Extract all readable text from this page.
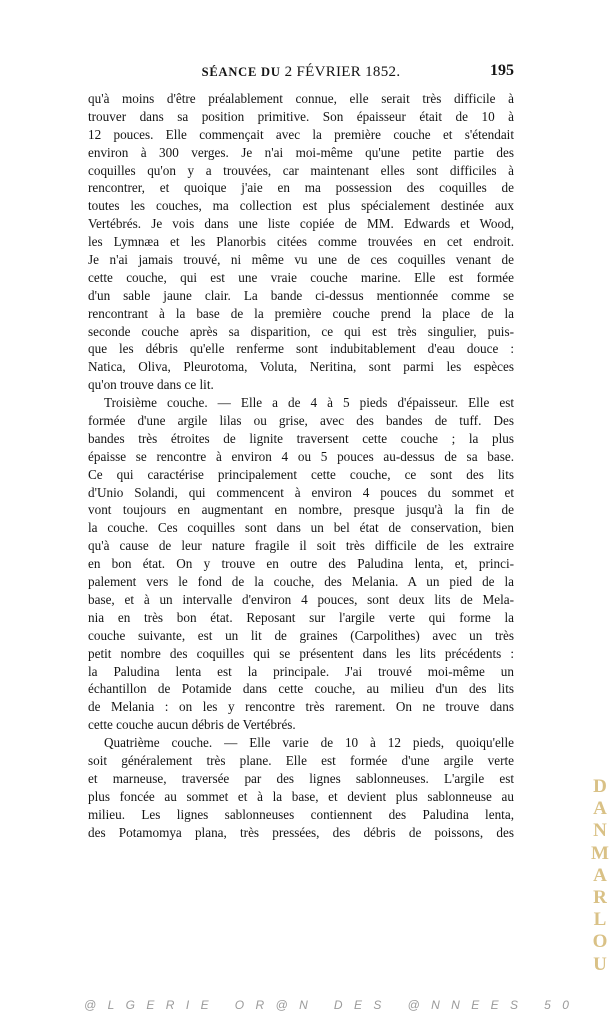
SÉANCE DU 2 FÉVRIER 1852.	195
qu'à moins d'être préalablement connue, elle serait très difficile à
trouver dans sa position primitive. Son épaisseur était de 10 à
12 pouces. Elle commençait avec la première couche et s'étendait
environ à 300 verges. Je n'ai moi-même qu'une petite partie des
coquilles qu'on y a trouvées, car maintenant elles sont difficiles à
rencontrer, et quoique j'aie en ma possession des coquilles de
toutes les couches, ma collection est plus spécialement destinée aux
Vertébrés. Je vois dans une liste copiée de MM. Edwards et Wood,
les Lymnæa et les Planorbis citées comme trouvées en cet endroit.
Je n'ai jamais trouvé, ni même vu une de ces coquilles venant de
cette couche, qui est une vraie couche marine. Elle est formée
d'un sable jaune clair. La bande ci-dessus mentionnée comme se
rencontrant à la base de la première couche prend la place de la
seconde couche après sa disparition, ce qui est très singulier, puis-
que les débris qu'elle renferme sont indubitablement d'eau douce :
Natica, Oliva, Pleurotoma, Voluta, Neritina, sont parmi les espèces
qu'on trouve dans ce lit.
Troisième couche. — Elle a de 4 à 5 pieds d'épaisseur. Elle est
formée d'une argile lilas ou grise, avec des bandes de tuff. Des
bandes très étroites de lignite traversent cette couche ; la plus
épaisse se rencontre à environ 4 ou 5 pouces au-dessus de sa base.
Ce qui caractérise principalement cette couche, ce sont des lits
d'Unio Solandi, qui commencent à environ 4 pouces du sommet et
vont toujours en augmentant en nombre, presque jusqu'à la fin de
la couche. Ces coquilles sont dans un bel état de conservation, bien
qu'à cause de leur nature fragile il soit très difficile de les extraire
en bon état. On y trouve en outre des Paludina lenta, et, princi-
palement vers le fond de la couche, des Melania. A un pied de la
base, et à un intervalle d'environ 4 pouces, sont deux lits de Mela-
nia en très bon état. Reposant sur l'argile verte qui forme la
couche suivante, est un lit de graines (Carpolithes) avec un très
petit nombre des coquilles qui se présentent dans les lits précédents :
la Paludina lenta est la principale. J'ai trouvé moi-même un
échantillon de Potamide dans cette couche, au milieu d'un des lits
de Melania : on les y rencontre très rarement. On ne trouve dans
cette couche aucun débris de Vertébrés.
Quatrième couche. — Elle varie de 10 à 12 pieds, quoiqu'elle
soit généralement très plane. Elle est formée d'une argile verte
et marneuse, traversée par des lignes sablonneuses. L'argile est
plus foncée au sommet et à la base, et devient plus sablonneuse au
milieu. Les lignes sablonneuses contiennent des Paludina lenta,
des Potamomya plana, très pressées, des débris de poissons, des
D
A
N
M
A
R
L
O
U
@LGERIE OR@N DES @NNEES 50
